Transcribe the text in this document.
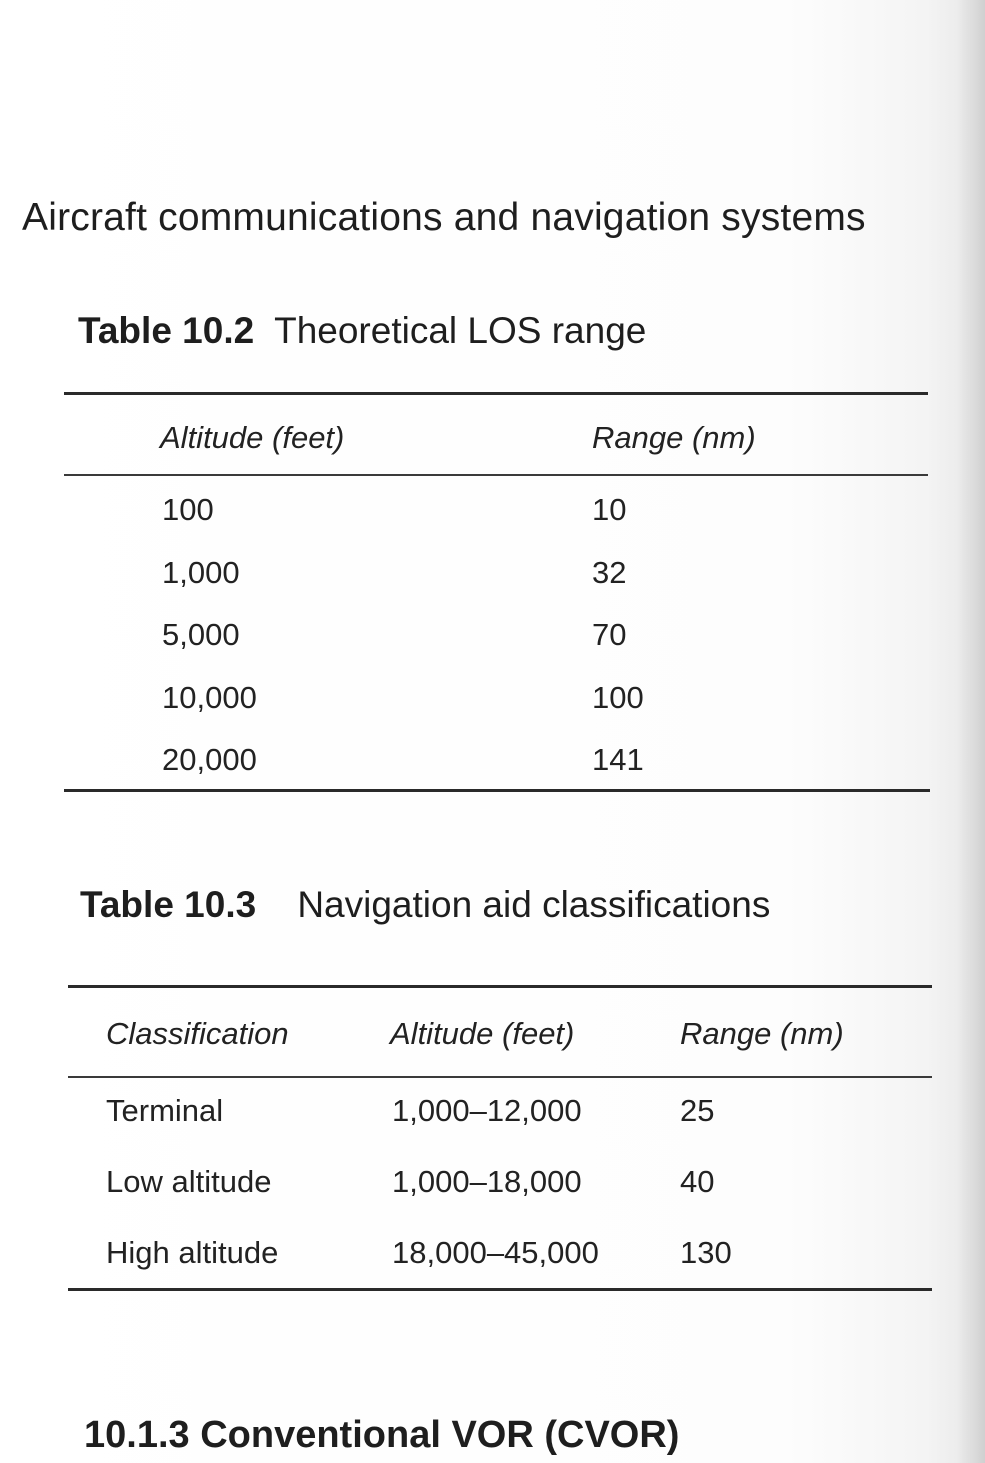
Aircraft communications and navigation systems
Table 10.2 Theoretical LOS range
Altitude (feet)	Range (nm)
100	10
1,000	32
5,000	70
10,000	100
20,000	141
Table 10.3 Navigation aid classifications
Classification	Altitude (feet)	Range (nm)
Terminal	1,000–12,000	25
Low altitude	1,000–18,000	40
High altitude	18,000–45,000	130
10.1.3 Conventional VOR (CVOR)
